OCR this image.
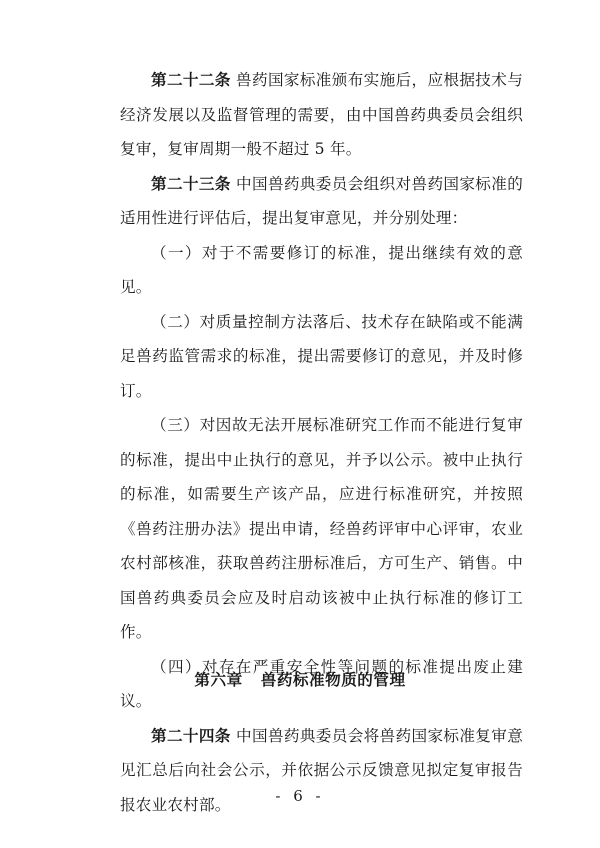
第二十二条 兽药国家标准颁布实施后，应根据技术与经济发展以及监督管理的需要，由中国兽药典委员会组织复审，复审周期一般不超过 5 年。

第二十三条 中国兽药典委员会组织对兽药国家标准的适用性进行评估后，提出复审意见，并分别处理：

（一）对于不需要修订的标准，提出继续有效的意见。

（二）对质量控制方法落后、技术存在缺陷或不能满足兽药监管需求的标准，提出需要修订的意见，并及时修订。

（三）对因故无法开展标准研究工作而不能进行复审的标准，提出中止执行的意见，并予以公示。被中止执行的标准，如需要生产该产品，应进行标准研究，并按照《兽药注册办法》提出申请，经兽药评审中心评审，农业农村部核准，获取兽药注册标准后，方可生产、销售。中国兽药典委员会应及时启动该被中止执行标准的修订工作。

（四）对存在严重安全性等问题的标准提出废止建议。

第二十四条 中国兽药典委员会将兽药国家标准复审意见汇总后向社会公示，并依据公示反馈意见拟定复审报告报农业农村部。

第六章 兽药标准物质的管理
- 6 -
